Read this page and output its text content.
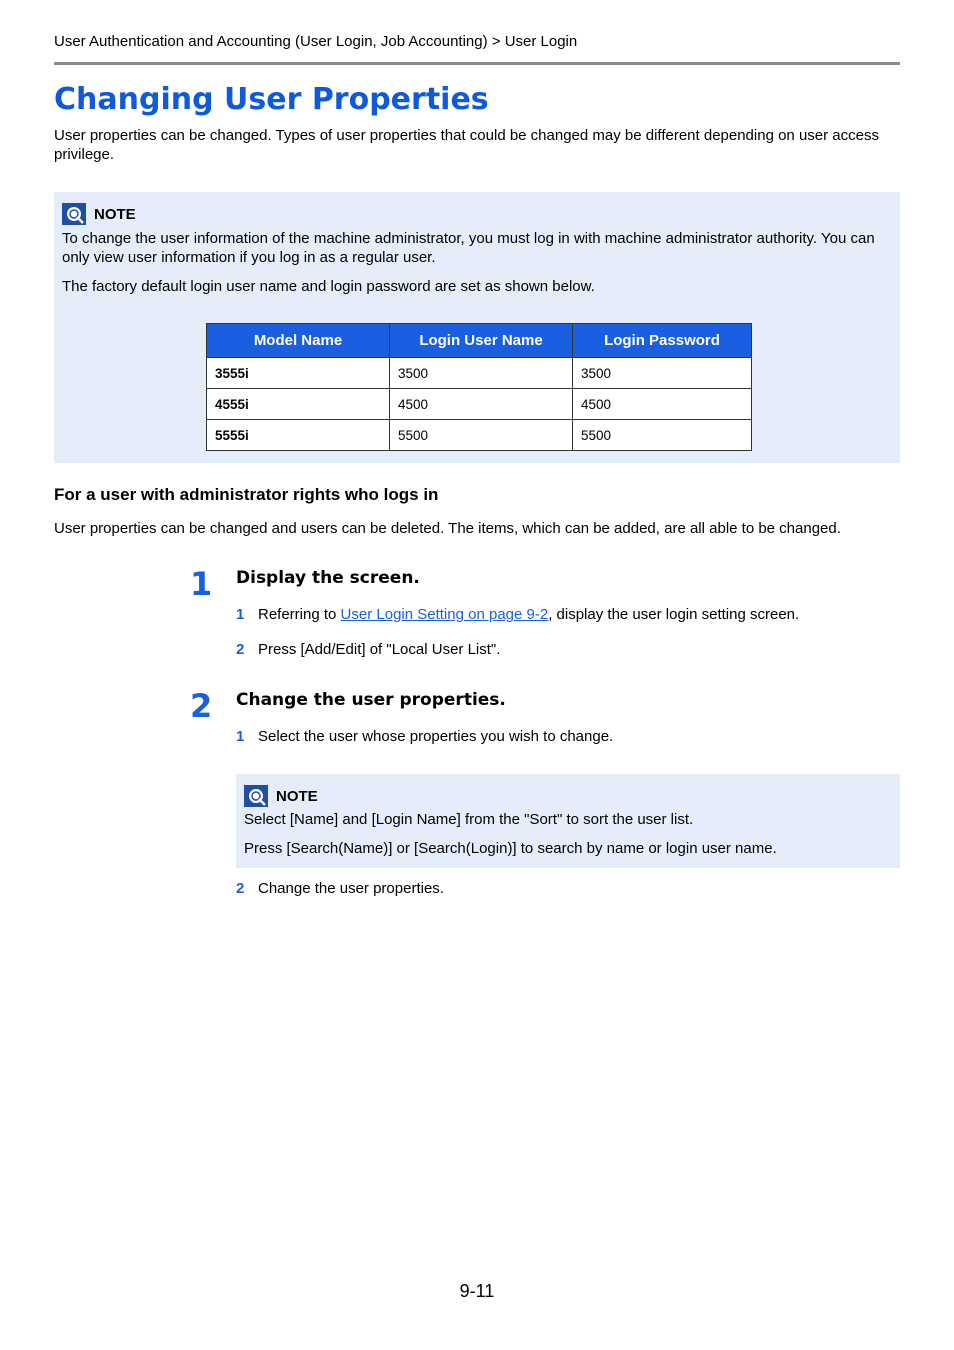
User Authentication and Accounting (User Login, Job Accounting) > User Login
Changing User Properties
User properties can be changed. Types of user properties that could be changed may be different depending on user access privilege.
NOTE
To change the user information of the machine administrator, you must log in with machine administrator authority. You can only view user information if you log in as a regular user.
The factory default login user name and login password are set as shown below.
Model Name	Login User Name	Login Password
3555i	3500	3500
4555i	4500	4500
5555i	5500	5500
For a user with administrator rights who logs in
User properties can be changed and users can be deleted. The items, which can be added, are all able to be changed.
1 Display the screen.
1 Referring to User Login Setting on page 9-2, display the user login setting screen.
2 Press [Add/Edit] of "Local User List".
2 Change the user properties.
1 Select the user whose properties you wish to change.
NOTE
Select [Name] and [Login Name] from the "Sort" to sort the user list.
Press [Search(Name)] or [Search(Login)] to search by name or login user name.
2 Change the user properties.
9-11
